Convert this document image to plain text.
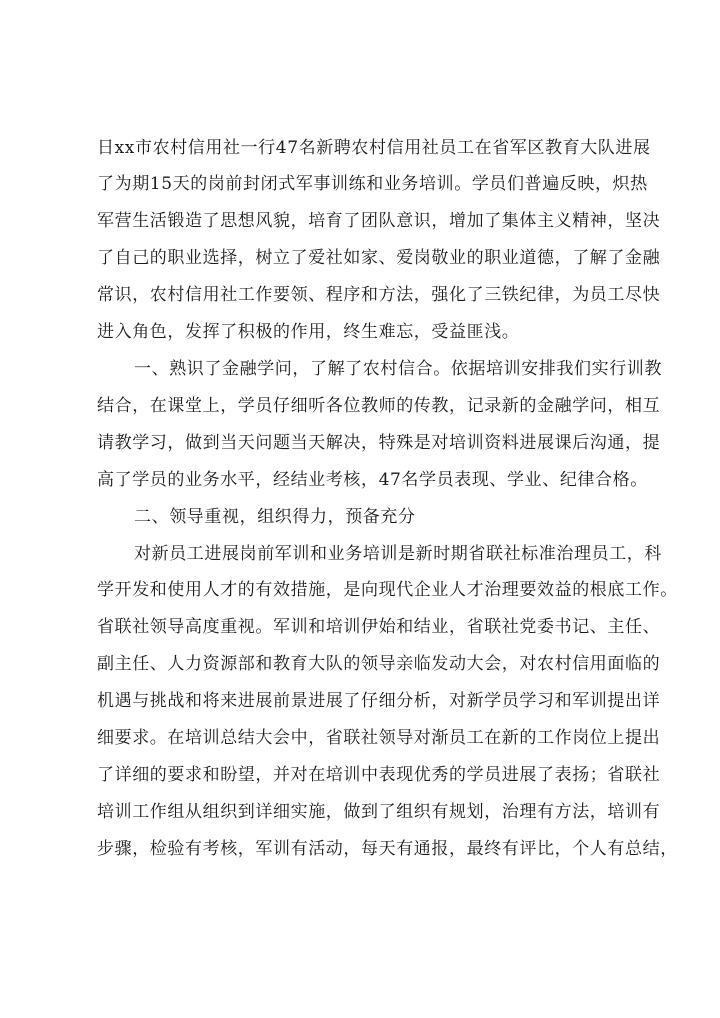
日xx市农村信用社一行47名新聘农村信用社员工在省军区教育大队进展
了为期15天的岗前封闭式军事训练和业务培训。学员们普遍反映，炽热
军营生活锻造了思想风貌，培育了团队意识，增加了集体主义精神，坚决
了自己的职业选择，树立了爱社如家、爱岗敬业的职业道德，了解了金融
常识，农村信用社工作要领、程序和方法，强化了三铁纪律，为员工尽快
进入角色，发挥了积极的作用，终生难忘，受益匪浅。
一、熟识了金融学问，了解了农村信合。依据培训安排我们实行训教
结合，在课堂上，学员仔细听各位教师的传教，记录新的金融学问，相互
请教学习，做到当天问题当天解决，特殊是对培训资料进展课后沟通，提
高了学员的业务水平，经结业考核，47名学员表现、学业、纪律合格。
二、领导重视，组织得力，预备充分
对新员工进展岗前军训和业务培训是新时期省联社标准治理员工，科
学开发和使用人才的有效措施，是向现代企业人才治理要效益的根底工作。
省联社领导高度重视。军训和培训伊始和结业，省联社党委书记、主任、
副主任、人力资源部和教育大队的领导亲临发动大会，对农村信用面临的
机遇与挑战和将来进展前景进展了仔细分析，对新学员学习和军训提出详
细要求。在培训总结大会中，省联社领导对渐员工在新的工作岗位上提出
了详细的要求和盼望，并对在培训中表现优秀的学员进展了表扬；省联社
培训工作组从组织到详细实施，做到了组织有规划，治理有方法，培训有
步骤，检验有考核，军训有活动，每天有通报，最终有评比，个人有总结，
